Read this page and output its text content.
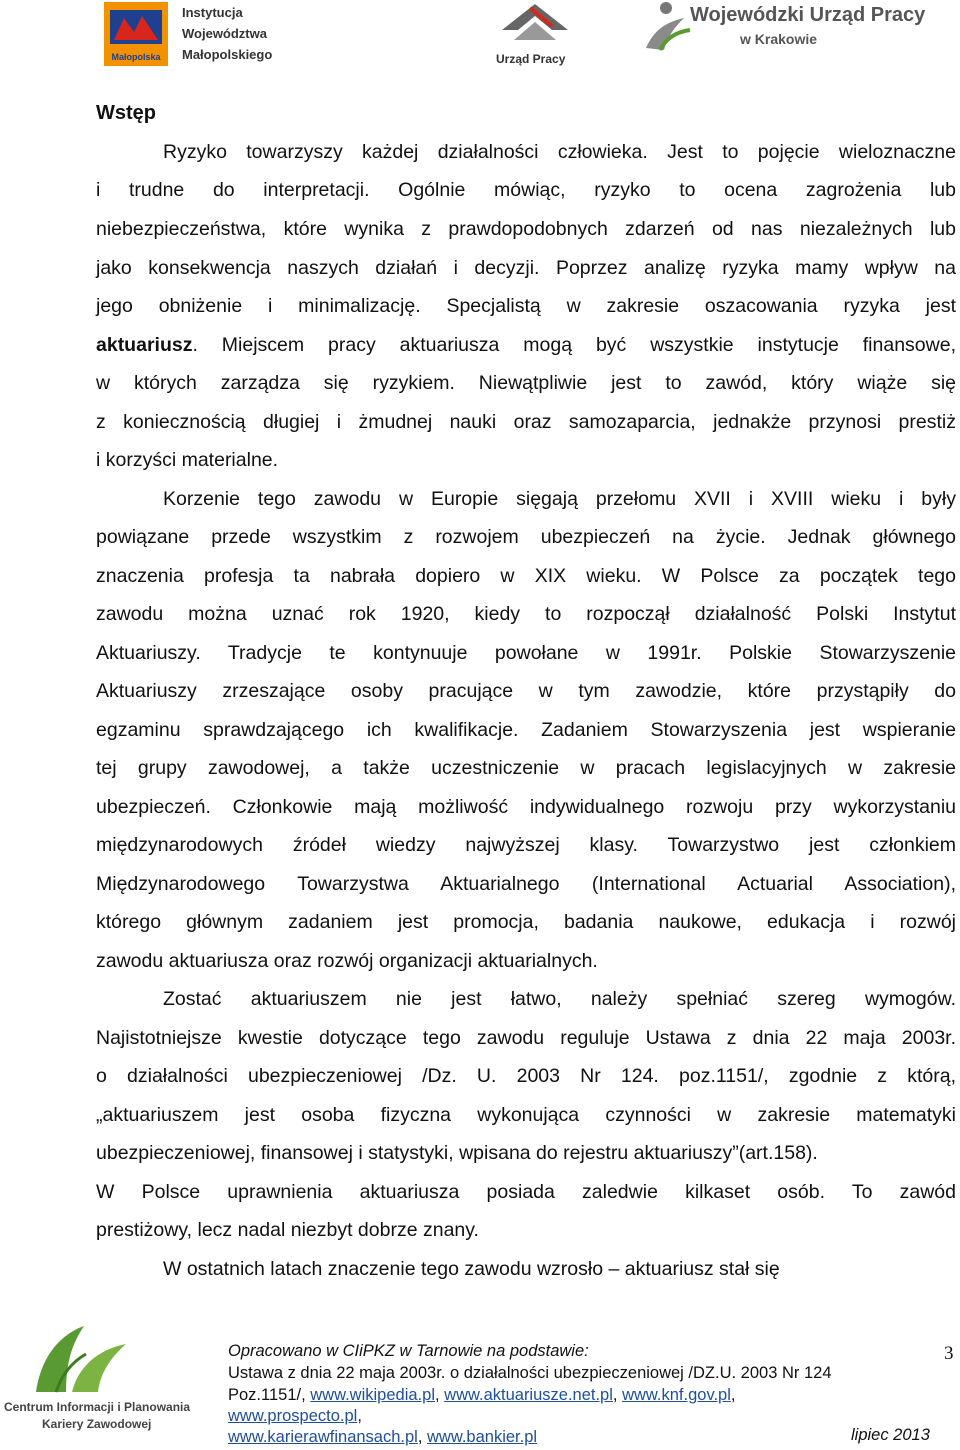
Małopolska
Instytucja
Województwa
Małopolskiego	Urząd Pracy
Wojewódzki Urząd Pracy
w Krakowie
Wstęp
Ryzyko towarzyszy każdej działalności człowieka. Jest to pojęcie wieloznaczne
i trudne do interpretacji. Ogólnie mówiąc, ryzyko to ocena zagrożenia lub
niebezpieczeństwa, które wynika z prawdopodobnych zdarzeń od nas niezależnych lub
jako konsekwencja naszych działań i decyzji. Poprzez analizę ryzyka mamy wpływ na
jego obniżenie i minimalizację. Specjalistą w zakresie oszacowania ryzyka jest
aktuariusz. Miejscem pracy aktuariusza mogą być wszystkie instytucje finansowe,
w których zarządza się ryzykiem. Niewątpliwie jest to zawód, który wiąże się
z koniecznością długiej i żmudnej nauki oraz samozaparcia, jednakże przynosi prestiż
i korzyści materialne.
Korzenie tego zawodu w Europie sięgają przełomu XVII i XVIII wieku i były
powiązane przede wszystkim z rozwojem ubezpieczeń na życie. Jednak głównego
znaczenia profesja ta nabrała dopiero w XIX wieku. W Polsce za początek tego
zawodu można uznać rok 1920, kiedy to rozpoczął działalność Polski Instytut
Aktuariuszy. Tradycje te kontynuuje powołane w 1991r. Polskie Stowarzyszenie
Aktuariuszy zrzeszające osoby pracujące w tym zawodzie, które przystąpiły do
egzaminu sprawdzającego ich kwalifikacje. Zadaniem Stowarzyszenia jest wspieranie
tej grupy zawodowej, a także uczestniczenie w pracach legislacyjnych w zakresie
ubezpieczeń. Członkowie mają możliwość indywidualnego rozwoju przy wykorzystaniu
międzynarodowych źródeł wiedzy najwyższej klasy. Towarzystwo jest członkiem
Międzynarodowego Towarzystwa Aktuarialnego (International Actuarial Association),
którego głównym zadaniem jest promocja, badania naukowe, edukacja i rozwój
zawodu aktuariusza oraz rozwój organizacji aktuarialnych.
Zostać aktuariuszem nie jest łatwo, należy spełniać szereg wymogów.
Najistotniejsze kwestie dotyczące tego zawodu reguluje Ustawa z dnia 22 maja 2003r.
o działalności ubezpieczeniowej /Dz. U. 2003 Nr 124. poz.1151/, zgodnie z którą,
„aktuariuszem jest osoba fizyczna wykonująca czynności w zakresie matematyki
ubezpieczeniowej, finansowej i statystyki, wpisana do rejestru aktuariuszy”(art.158).
W Polsce uprawnienia aktuariusza posiada zaledwie kilkaset osób. To zawód
prestiżowy, lecz nadal niezbyt dobrze znany.
W ostatnich latach znaczenie tego zawodu wzrosło – aktuariusz stał się
Centrum Informacji i Planowania
Kariery Zawodowej
Opracowano w CIiPKZ w Tarnowie na podstawie:
Ustawa z dnia 22 maja 2003r. o działalności ubezpieczeniowej /DZ.U. 2003 Nr 124
Poz.1151/, www.wikipedia.pl, www.aktuariusze.net.pl, www.knf.gov.pl,
www.prospecto.pl,
www.karierawfinansach.pl, www.bankier.pl
3
lipiec 2013
